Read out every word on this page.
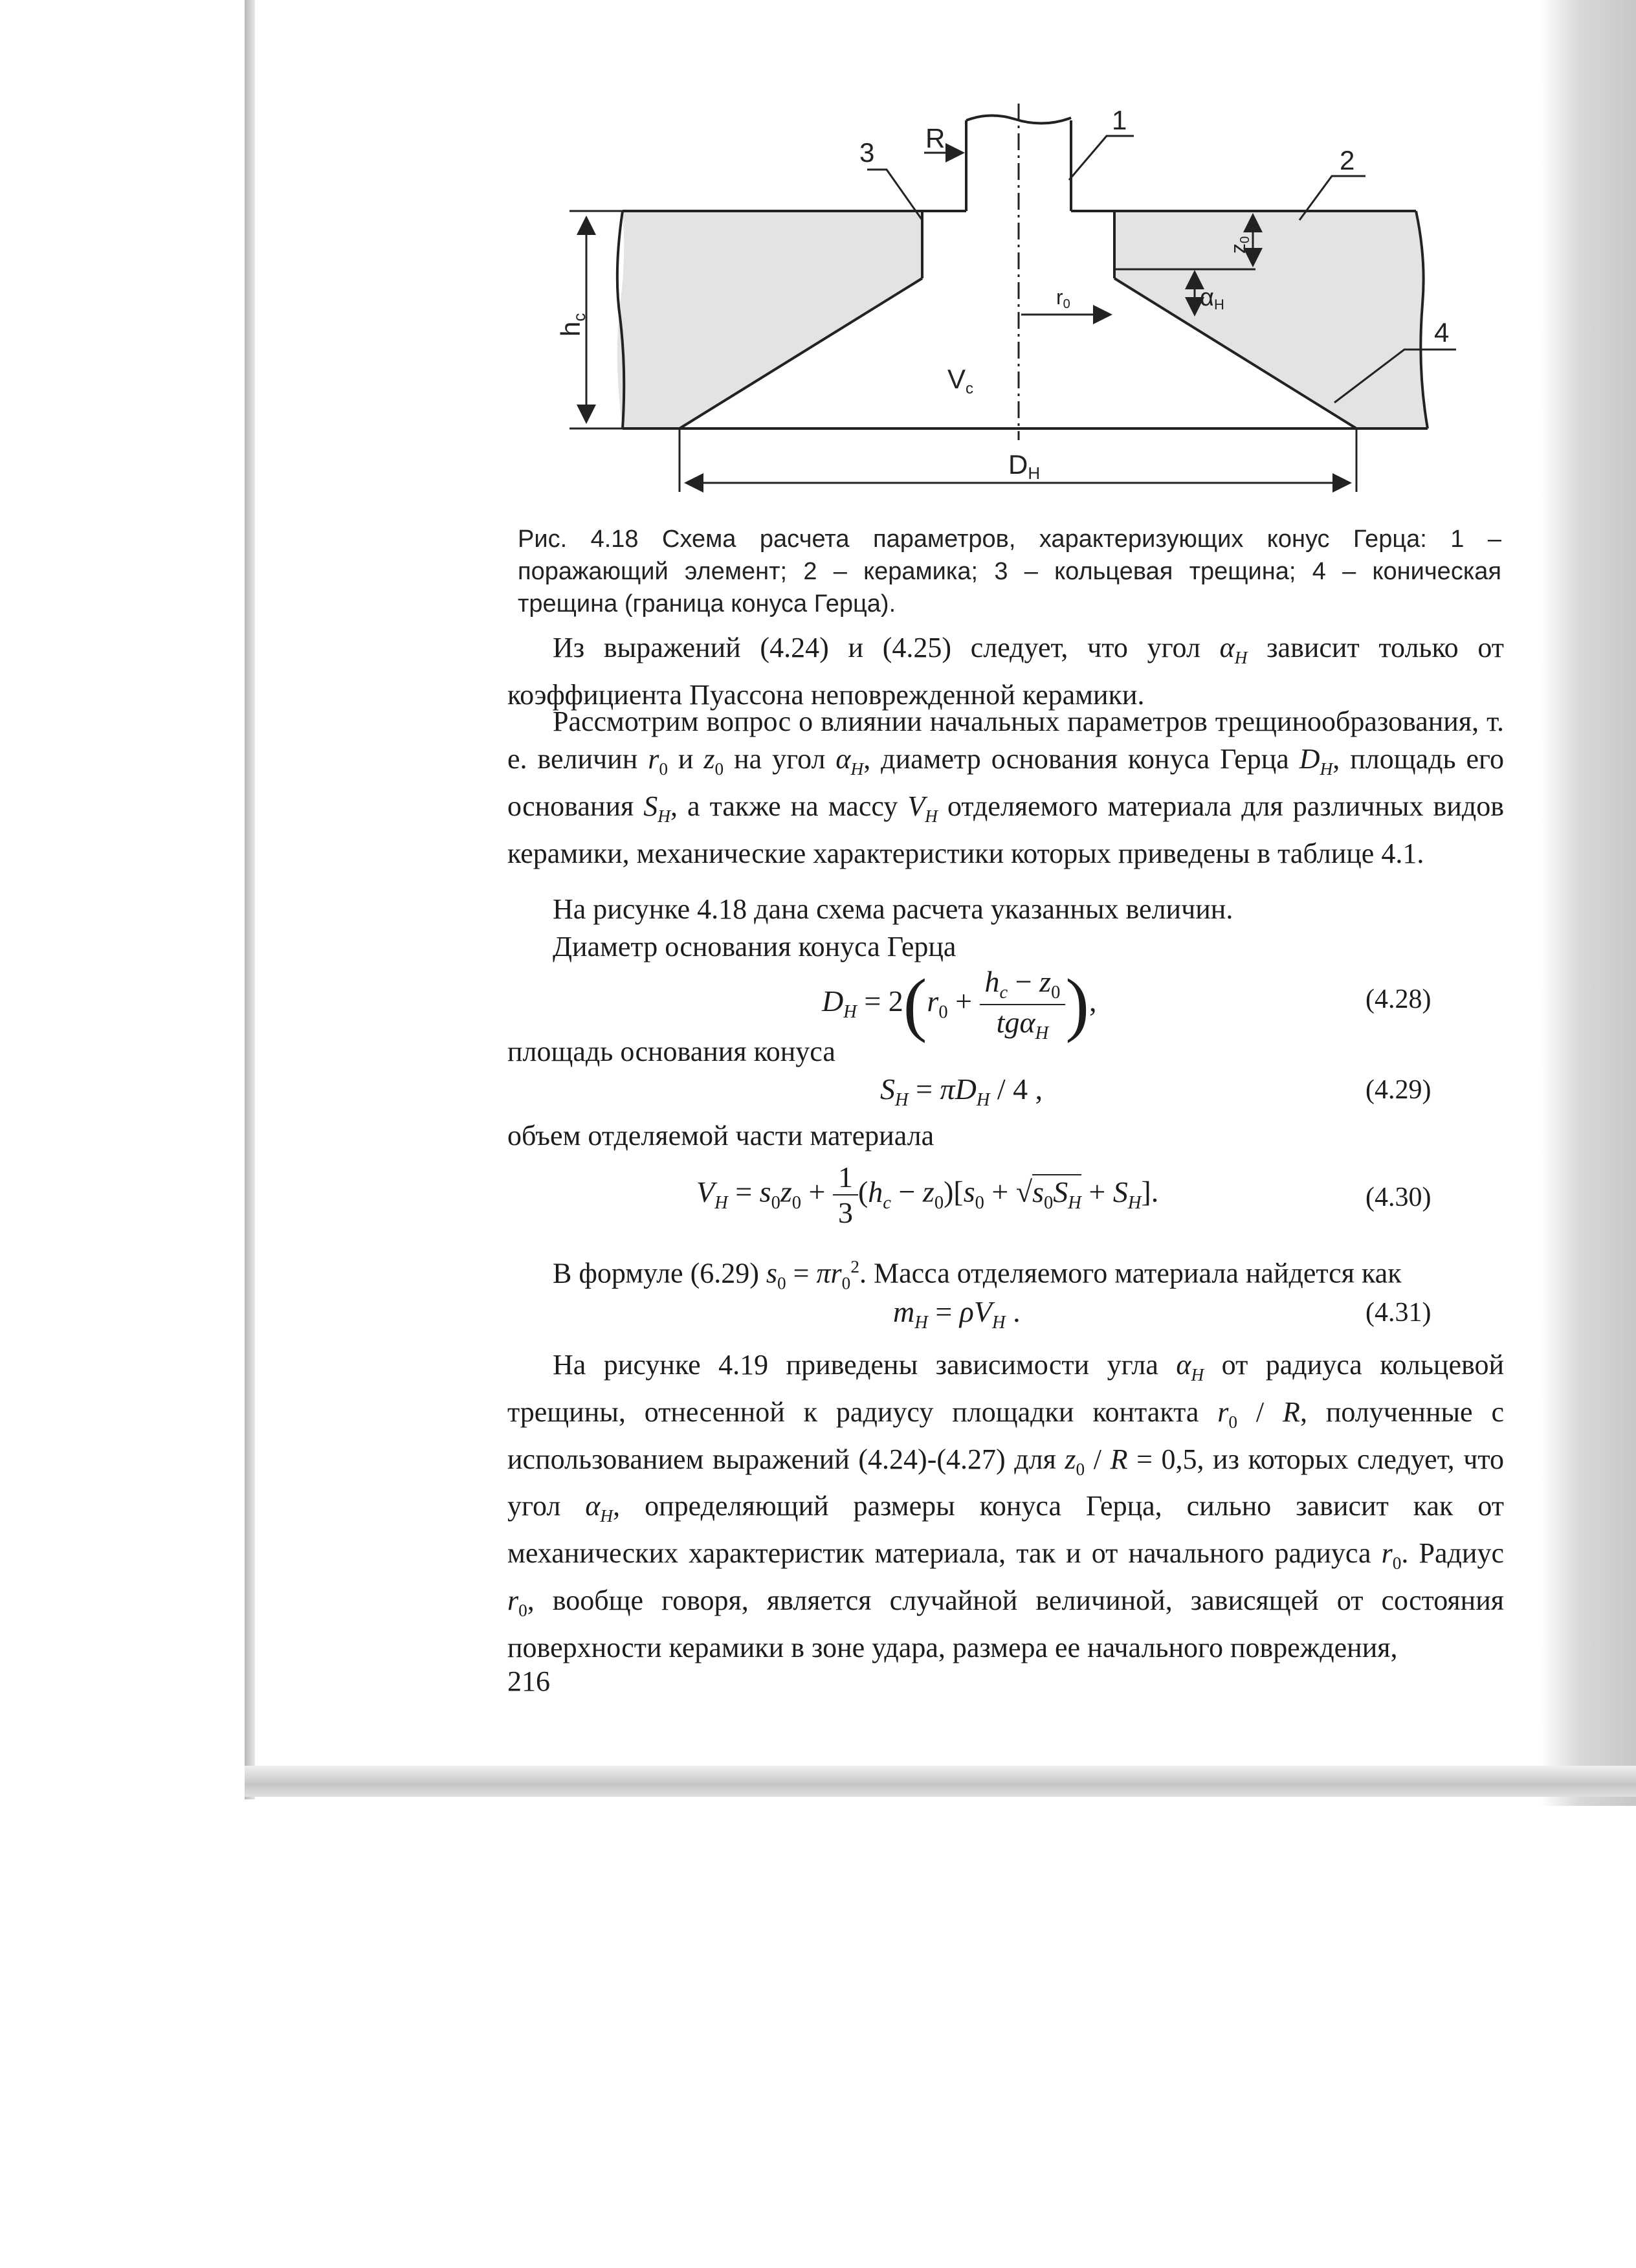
hc
DН
r0
z0
αН
R
Vc
1
2
3
4
Рис. 4.18 Схема расчета параметров, характеризующих конус Герца: 1 – поражающий элемент; 2 – керамика; 3 – кольцевая трещина; 4 – коническая трещина (граница конуса Герца).
Из выражений (4.24) и (4.25) следует, что угол $\alpha_H$ зависит только от коэффициента Пуассона неповрежденной керамики.
Рассмотрим вопрос о влиянии начальных параметров трещинообразования, т. е. величин $r_0$ и $z_0$ на угол $\alpha_H$, диаметр основания конуса Герца $D_H$, площадь его основания $S_H$, а также на массу $V_H$ отделяемого материала для различных видов керамики, механические характеристики которых приведены в таблице 4.1.
На рисунке 4.18 дана схема расчета указанных величин.
Диаметр основания конуса Герца
$D_H = 2(r_0 + \frac{h_c - z_0}{tg\alpha_H}$ ),	(4.28)
площадь основания конуса
$S_H = \pi D_H / 4$ ,	(4.29)
объем отделяемой части материала
$V_H = s_0z_0 + \frac{1}{3} (h_c - z_0)[s_0 + √s_0S_H + S_H]$.	(4.30)
В формуле (6.29) $s_0 = \pi r_0^2$. Масса отделяемого материала найдется как
$m_H = \rho V_H$ .	(4.31)
На рисунке 4.19 приведены зависимости угла $\alpha_H$ от радиуса кольцевой трещины, отнесенной к радиусу площадки контакта $r_0$ / R, полученные с использованием выражений (4.24)-(4.27) для $z_0 / R = 0,5$, из которых следует, что угол $\alpha_H$, определяющий размеры конуса Герца, сильно зависит как от механических характеристик материала, так и от начального радиуса $r_0$. Радиус $r_0$, вообще говоря, является случайной величиной, зависящей от состояния поверхности керамики в зоне удара, размера ее начального повреждения,
216
